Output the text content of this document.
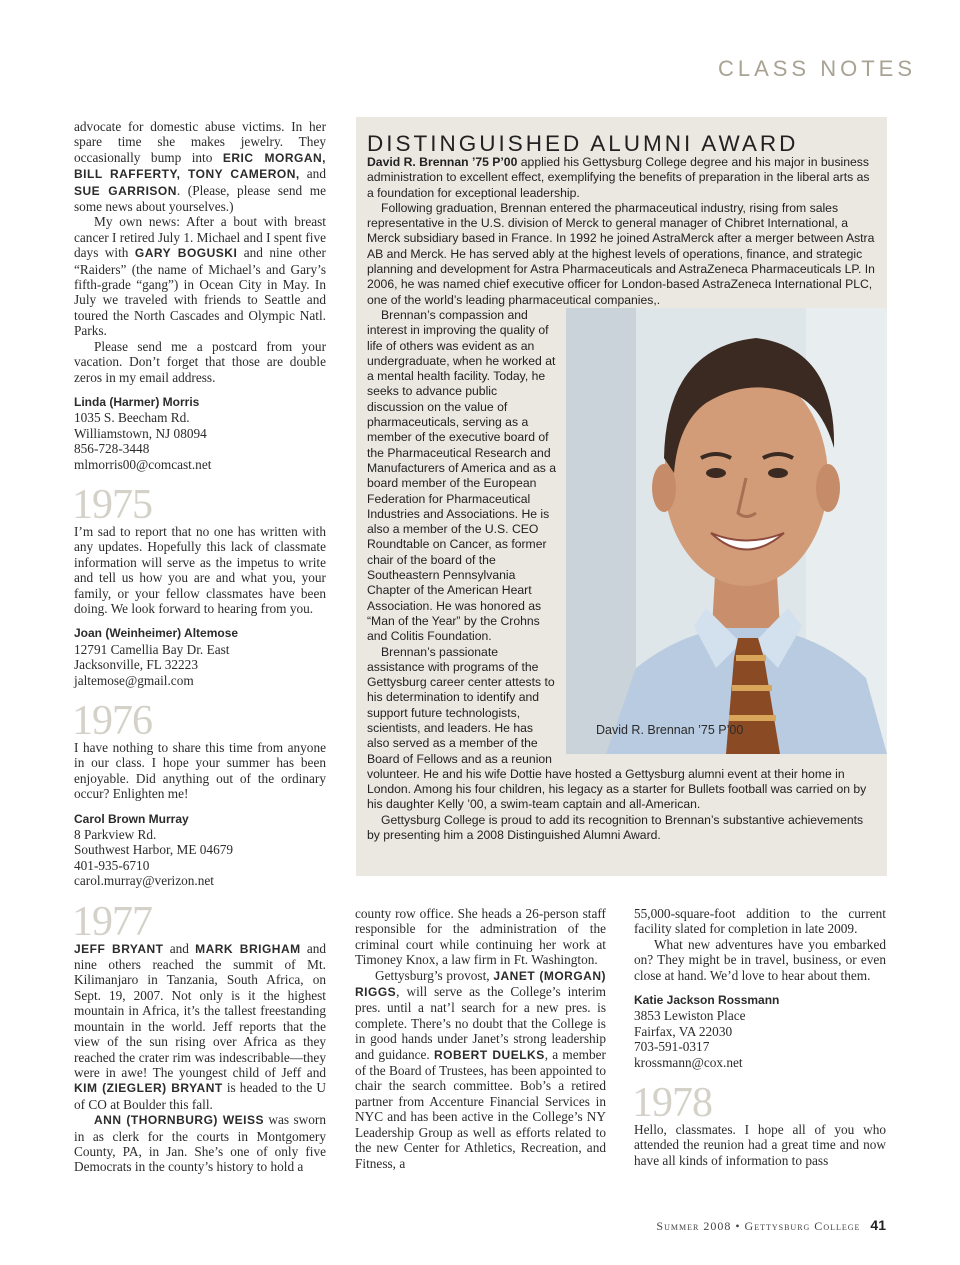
CLASS NOTES

advocate for domestic abuse victims. In her spare time she makes jewelry. They occasionally bump into ERIC MORGAN, BILL RAFFERTY, TONY CAMERON, and SUE GARRISON. (Please, please send me some news about yourselves.)

My own news: After a bout with breast cancer I retired July 1. Michael and I spent five days with GARY BOGUSKI and nine other “Raiders” (the name of Michael’s and Gary’s fifth-grade “gang”) in Ocean City in May. In July we traveled with friends to Seattle and toured the North Cascades and Olympic Natl. Parks.

Please send me a postcard from your vacation. Don’t forget that those are double zeros in my email address.

Linda (Harmer) Morris
1035 S. Beecham Rd.
Williamstown, NJ 08094
856-728-3448
mlmorris00@comcast.net
1975

I’m sad to report that no one has written with any updates. Hopefully this lack of classmate information will serve as the impetus to write and tell us how you are and what you, your family, or your fellow classmates have been doing. We look forward to hearing from you.

Joan (Weinheimer) Altemose
12791 Camellia Bay Dr. East
Jacksonville, FL 32223
jaltemose@gmail.com
1976

I have nothing to share this time from anyone in our class. I hope your summer has been enjoyable. Did anything out of the ordinary occur? Enlighten me!

Carol Brown Murray
8 Parkview Rd.
Southwest Harbor, ME 04679
401-935-6710
carol.murray@verizon.net
1977

JEFF BRYANT and MARK BRIGHAM and nine others reached the summit of Mt. Kilimanjaro in Tanzania, South Africa, on Sept. 19, 2007. Not only is it the highest mountain in Africa, it’s the tallest freestanding mountain in the world. Jeff reports that the view of the sun rising over Africa as they reached the crater rim was indescribable—they were in awe! The youngest child of Jeff and KIM (ZIEGLER) BRYANT is headed to the U of CO at Boulder this fall.

ANN (THORNBURG) WEISS was sworn in as clerk for the courts in Montgomery County, PA, in Jan. She’s one of only five Democrats in the county’s history to hold a

DISTINGUISHED ALUMNI AWARD

David R. Brennan ’75 P’00 applied his Gettysburg College degree and his major in business administration to excellent effect, exemplifying the benefits of preparation in the liberal arts as a foundation for exceptional leadership.

Following graduation, Brennan entered the pharmaceutical industry, rising from sales representative in the U.S. division of Merck to general manager of Chibret International, a Merck subsidiary based in France. In 1992 he joined AstraMerck after a merger between Astra AB and Merck. He has served ably at the highest levels of operations, finance, and strategic planning and development for Astra Pharmaceuticals and AstraZeneca Pharmaceuticals LP. In 2006, he was named chief executive officer for London-based AstraZeneca International PLC, one of the world’s leading pharmaceutical companies,.

David R. Brennan ’75 P’00
Brennan’s compassion and interest in improving the quality of life of others was evident as an undergraduate, when he worked at a mental health facility. Today, he seeks to advance public discussion on the value of pharmaceuticals, serving as a member of the executive board of the Pharmaceutical Research and Manufacturers of America and as a board member of the European Federation for Pharmaceutical Industries and Associations. He is also a member of the U.S. CEO Roundtable on Cancer, as former chair of the board of the Southeastern Pennsylvania Chapter of the American Heart Association. He was honored as “Man of the Year” by the Crohns and Colitis Foundation.

Brennan’s passionate assistance with programs of the Gettysburg career center attests to his determination to identify and support future technologists, scientists, and leaders. He has also served as a member of the Board of Fellows and as a reunion volunteer. He and his wife Dottie have hosted a Gettysburg alumni event at their home in London. Among his four children, his legacy as a starter for Bullets football was carried on by his daughter Kelly ’00, a swim-team captain and all-American.

Gettysburg College is proud to add its recognition to Brennan’s substantive achievements by presenting him a 2008 Distinguished Alumni Award.

county row office. She heads a 26-person staff responsible for the administration of the criminal court while continuing her work at Timoney Knox, a law firm in Ft. Washington.

Gettysburg’s provost, JANET (MORGAN) RIGGS, will serve as the College’s interim pres. until a nat’l search for a new pres. is complete. There’s no doubt that the College is in good hands under Janet’s strong leadership and guidance. ROBERT DUELKS, a member of the Board of Trustees, has been appointed to chair the search committee. Bob’s a retired partner from Accenture Financial Services in NYC and has been active in the College’s NY Leadership Group as well as efforts related to the new Center for Athletics, Recreation, and Fitness, a

55,000-square-foot addition to the current facility slated for completion in late 2009.

What new adventures have you embarked on? They might be in travel, business, or even close at hand. We’d love to hear about them.

Katie Jackson Rossmann
3853 Lewiston Place
Fairfax, VA 22030
703-591-0317
krossmann@cox.net
1978

Hello, classmates. I hope all of you who attended the reunion had a great time and now have all kinds of information to pass

Summer 2008 • Gettysburg College 41
